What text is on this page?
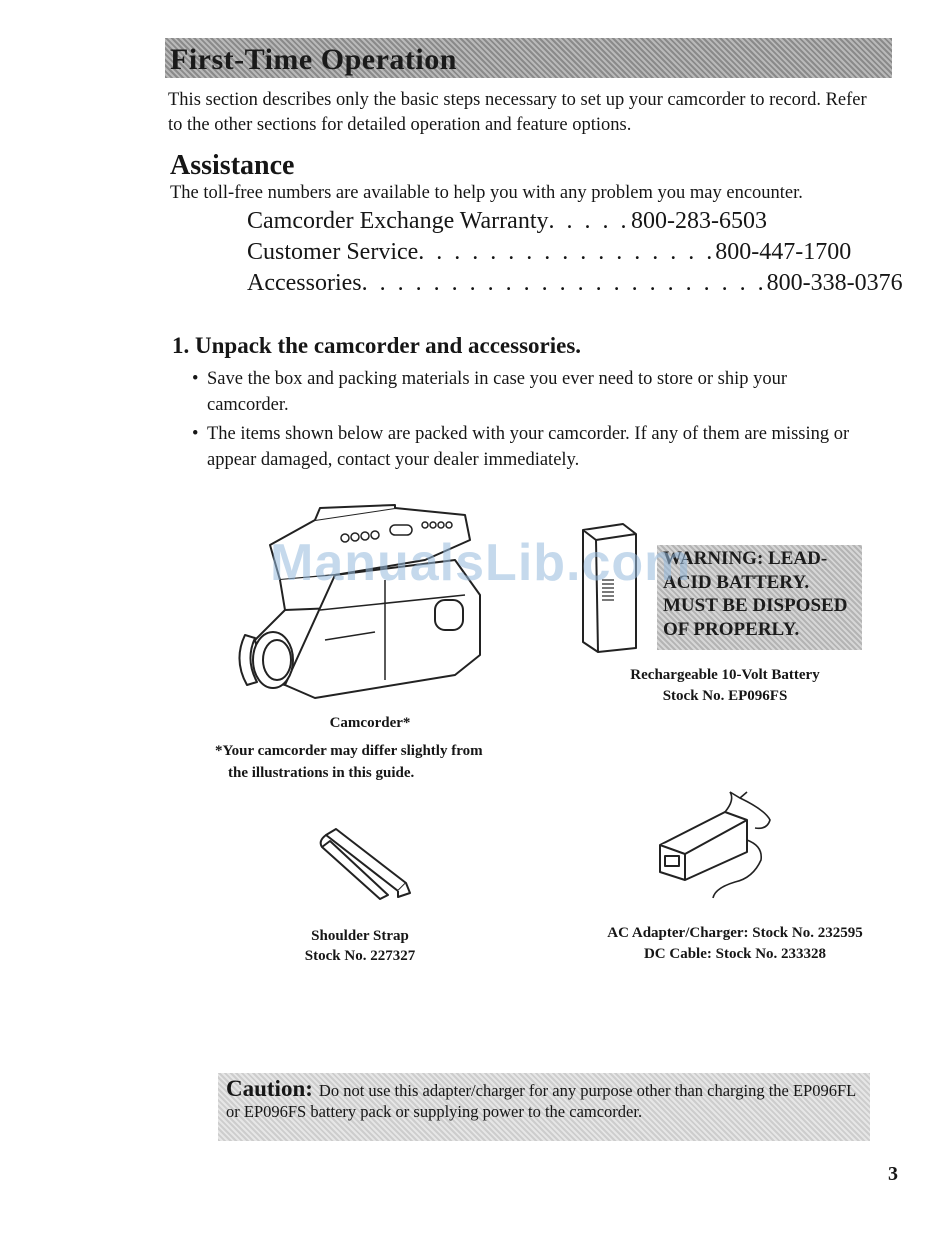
First-Time Operation
This section describes only the basic steps necessary to set up your camcorder to record. Refer to the other sections for detailed operation and feature options.
Assistance
The toll-free numbers are available to help you with any problem you may encounter.
Camcorder Exchange Warranty . . . . . 800-283-6503
Customer Service . . . . . . . . . . . . . . . . . 800-447-1700
Accessories . . . . . . . . . . . . . . . . . . . . . . . 800-338-0376
1. Unpack the camcorder and accessories.
• Save the box and packing materials in case you ever need to store or ship your camcorder.
• The items shown below are packed with your camcorder. If any of them are missing or appear damaged, contact your dealer immediately.
Camcorder*
*Your camcorder may differ slightly from
the illustrations in this guide.
WARNING: LEAD-
ACID BATTERY.
MUST BE DISPOSED
OF PROPERLY.
ManualsLib.com
Rechargeable 10-Volt Battery
Stock No. EP096FS
Shoulder Strap
Stock No. 227327
AC Adapter/Charger: Stock No. 232595
DC Cable: Stock No. 233328
Caution: Do not use this adapter/charger for any purpose other than charging the EP096FL or EP096FS battery pack or supplying power to the camcorder.
3
